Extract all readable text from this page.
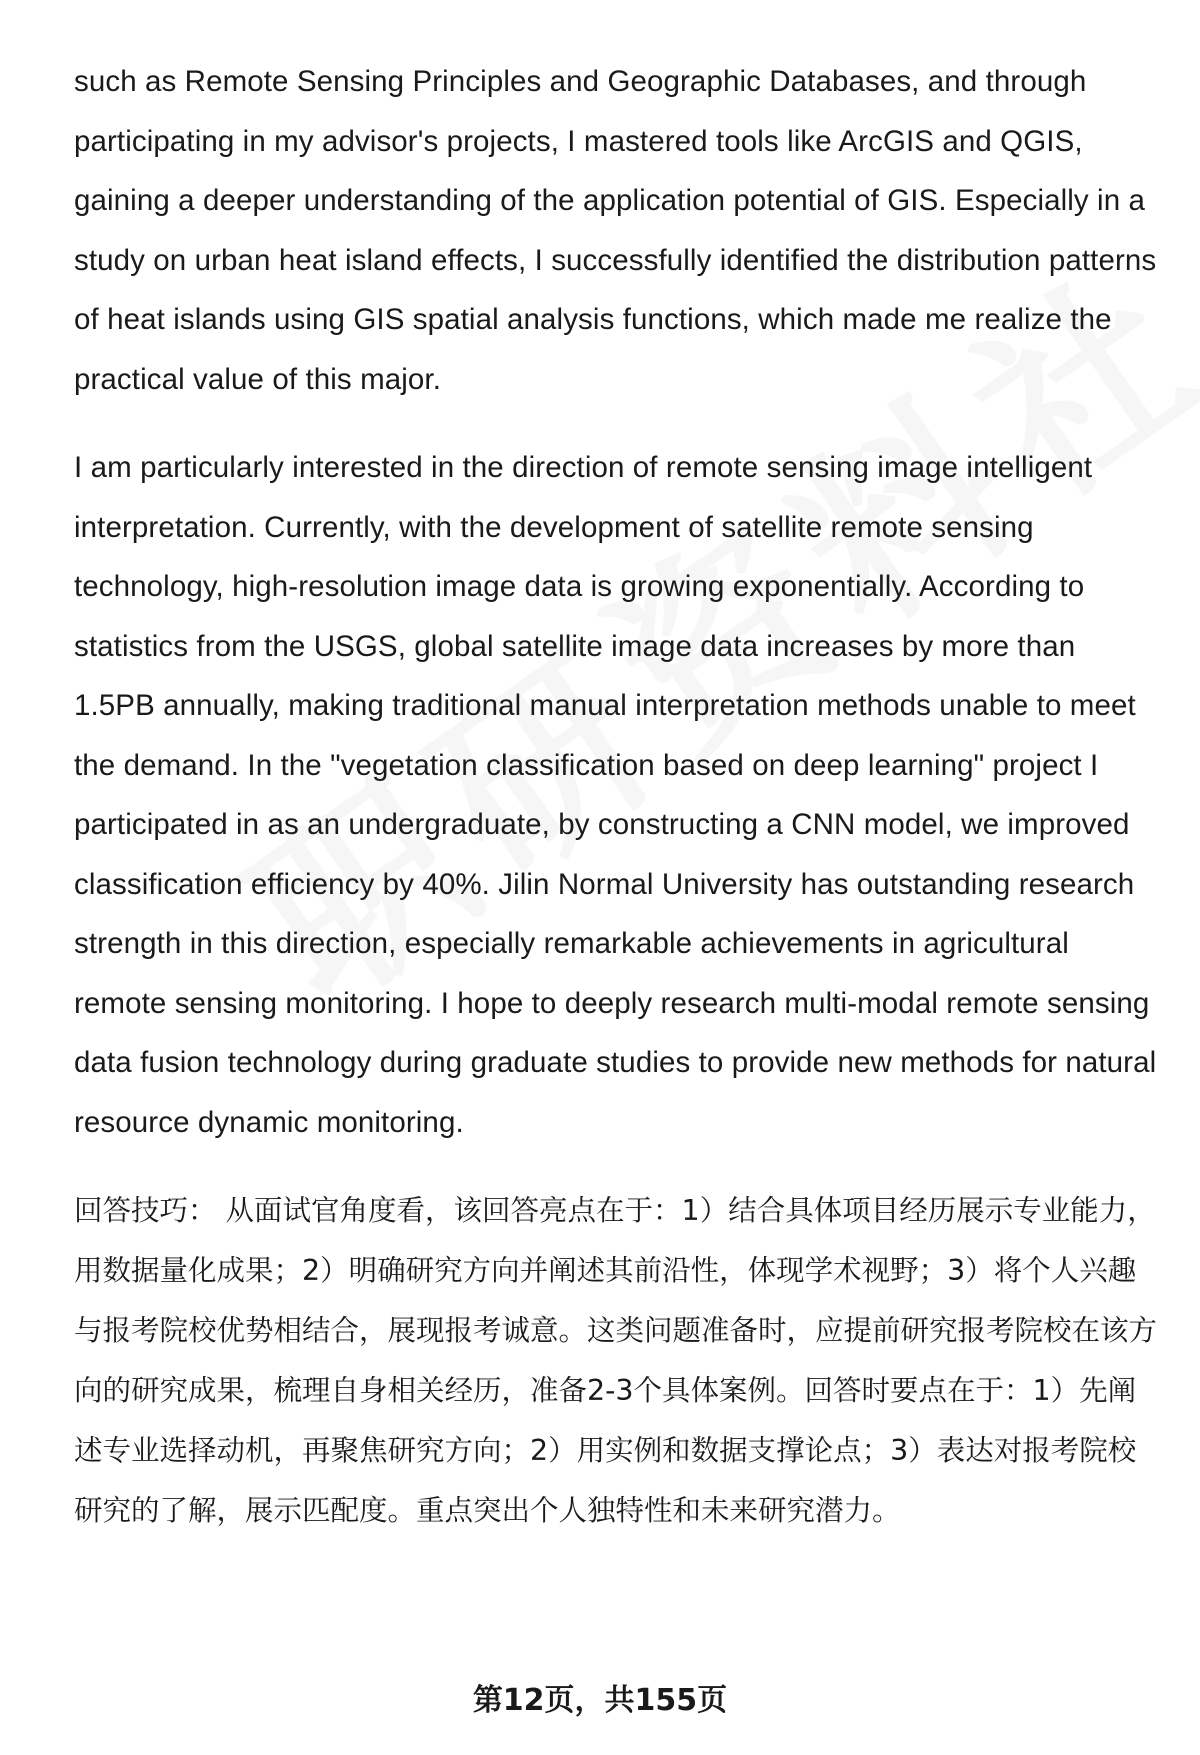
such as Remote Sensing Principles and Geographic Databases, and through participating in my advisor's projects, I mastered tools like ArcGIS and QGIS, gaining a deeper understanding of the application potential of GIS. Especially in a study on urban heat island effects, I successfully identified the distribution patterns of heat islands using GIS spatial analysis functions, which made me realize the practical value of this major.

I am particularly interested in the direction of remote sensing image intelligent interpretation. Currently, with the development of satellite remote sensing technology, high-resolution image data is growing exponentially. According to statistics from the USGS, global satellite image data increases by more than 1.5PB annually, making traditional manual interpretation methods unable to meet the demand. In the "vegetation classification based on deep learning" project I participated in as an undergraduate, by constructing a CNN model, we improved classification efficiency by 40%. Jilin Normal University has outstanding research strength in this direction, especially remarkable achievements in agricultural remote sensing monitoring. I hope to deeply research multi-modal remote sensing data fusion technology during graduate studies to provide new methods for natural resource dynamic monitoring.

回答技巧： 从面试官角度看，该回答亮点在于：1）结合具体项目经历展示专业能力，用数据量化成果；2）明确研究方向并阐述其前沿性，体现学术视野；3）将个人兴趣与报考院校优势相结合，展现报考诚意。这类问题准备时，应提前研究报考院校在该方向的研究成果，梳理自身相关经历，准备2-3个具体案例。回答时要点在于：1）先阐述专业选择动机，再聚焦研究方向；2）用实例和数据支撑论点；3）表达对报考院校研究的了解，展示匹配度。重点突出个人独特性和未来研究潜力。

第12页，共155页
